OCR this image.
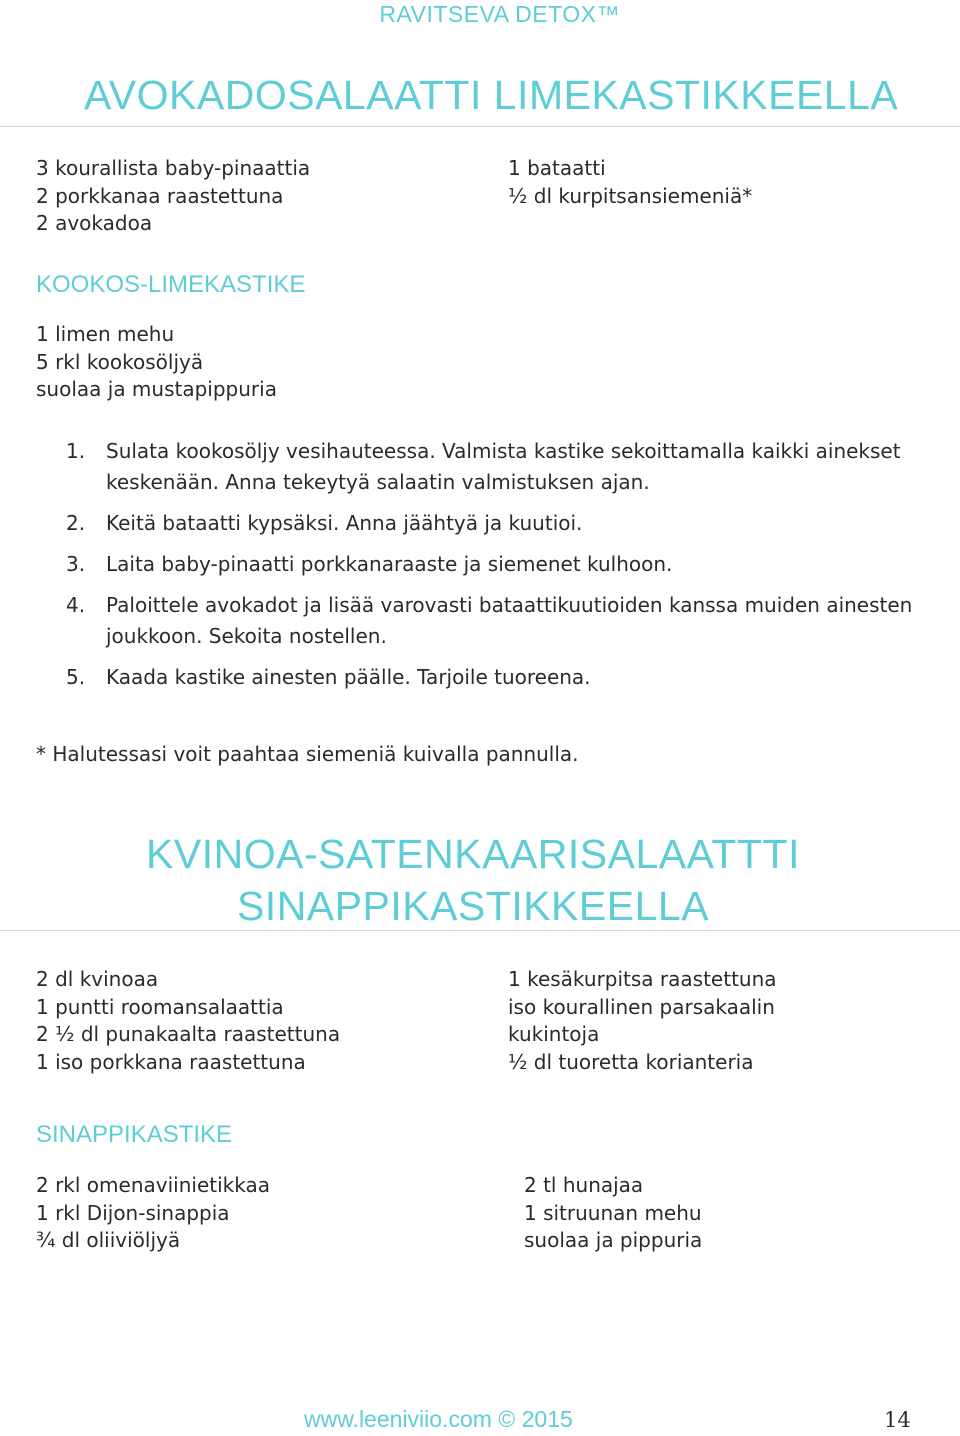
RAVITSEVA DETOX™
AVOKADOSALAATTI LIMEKASTIKKEELLA
3 kourallista baby-pinaattia
2 porkkanaa raastettuna
2 avokadoa
1 bataatti
½ dl kurpitsansiemeniä*
KOOKOS-LIMEKASTIKE
1 limen mehu
5 rkl kookosöljyä
suolaa ja mustapippuria
1. Sulata kookosöljy vesihauteessa. Valmista kastike sekoittamalla kaikki ainekset keskenään. Anna tekeytyä salaatin valmistuksen ajan.
2. Keitä bataatti kypsäksi. Anna jäähtyä ja kuutioi.
3. Laita baby-pinaatti porkkanaraaste ja siemenet kulhoon.
4. Paloittele avokadot ja lisää varovasti bataattikuutioiden kanssa muiden ainesten joukkoon. Sekoita nostellen.
5. Kaada kastike ainesten päälle. Tarjoile tuoreena.
* Halutessasi voit paahtaa siemeniä kuivalla pannulla.
KVINOA-SATENKAARISALAATTTI
SINAPPIKASTIKKEELLA
2 dl kvinoaa
1 puntti roomansalaattia
2 ½ dl punakaalta raastettuna
1 iso porkkana raastettuna
1 kesäkurpitsa raastettuna
iso kourallinen parsakaalin
kukintoja
½ dl tuoretta korianteria
SINAPPIKASTIKE
2 rkl omenaviinietikkaa
1 rkl Dijon-sinappia
¾ dl oliiviöljyä
2 tl hunajaa
1 sitruunan mehu
suolaa ja pippuria
www.leeniviio.com © 2015	14
